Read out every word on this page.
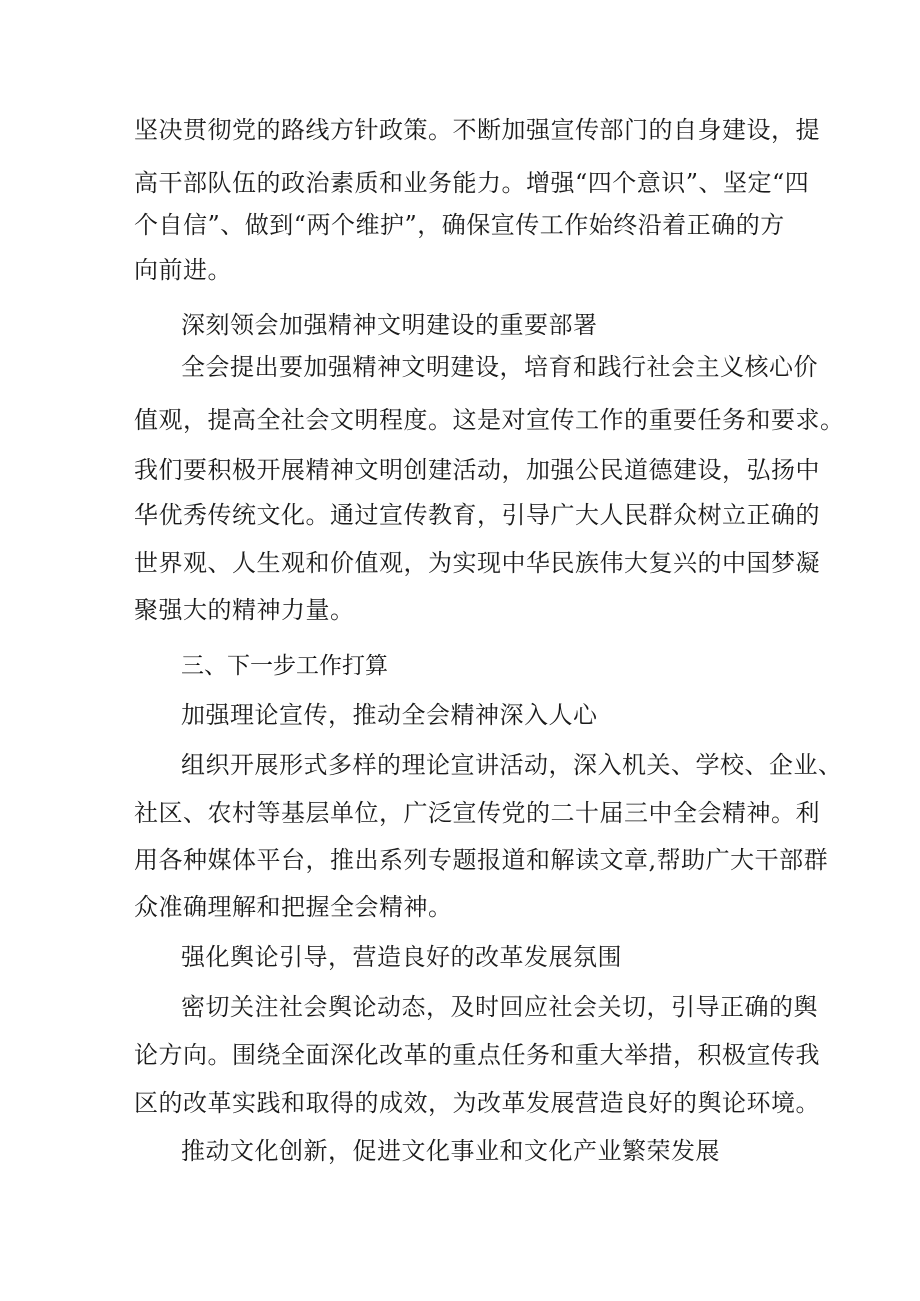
坚决贯彻党的路线方针政策。不断加强宣传部门的自身建设，提
高干部队伍的政治素质和业务能力。增强“四个意识”、坚定“四
个自信”、做到“两个维护”，确保宣传工作始终沿着正确的方
向前进。
深刻领会加强精神文明建设的重要部署
全会提出要加强精神文明建设，培育和践行社会主义核心价
值观，提高全社会文明程度。这是对宣传工作的重要任务和要求。
我们要积极开展精神文明创建活动，加强公民道德建设，弘扬中
华优秀传统文化。通过宣传教育，引导广大人民群众树立正确的
世界观、人生观和价值观，为实现中华民族伟大复兴的中国梦凝
聚强大的精神力量。
三、下一步工作打算
加强理论宣传，推动全会精神深入人心
组织开展形式多样的理论宣讲活动，深入机关、学校、企业、
社区、农村等基层单位，广泛宣传党的二十届三中全会精神。利
用各种媒体平台，推出系列专题报道和解读文章,帮助广大干部群
众准确理解和把握全会精神。
强化舆论引导，营造良好的改革发展氛围
密切关注社会舆论动态，及时回应社会关切，引导正确的舆
论方向。围绕全面深化改革的重点任务和重大举措，积极宣传我
区的改革实践和取得的成效，为改革发展营造良好的舆论环境。
推动文化创新，促进文化事业和文化产业繁荣发展
